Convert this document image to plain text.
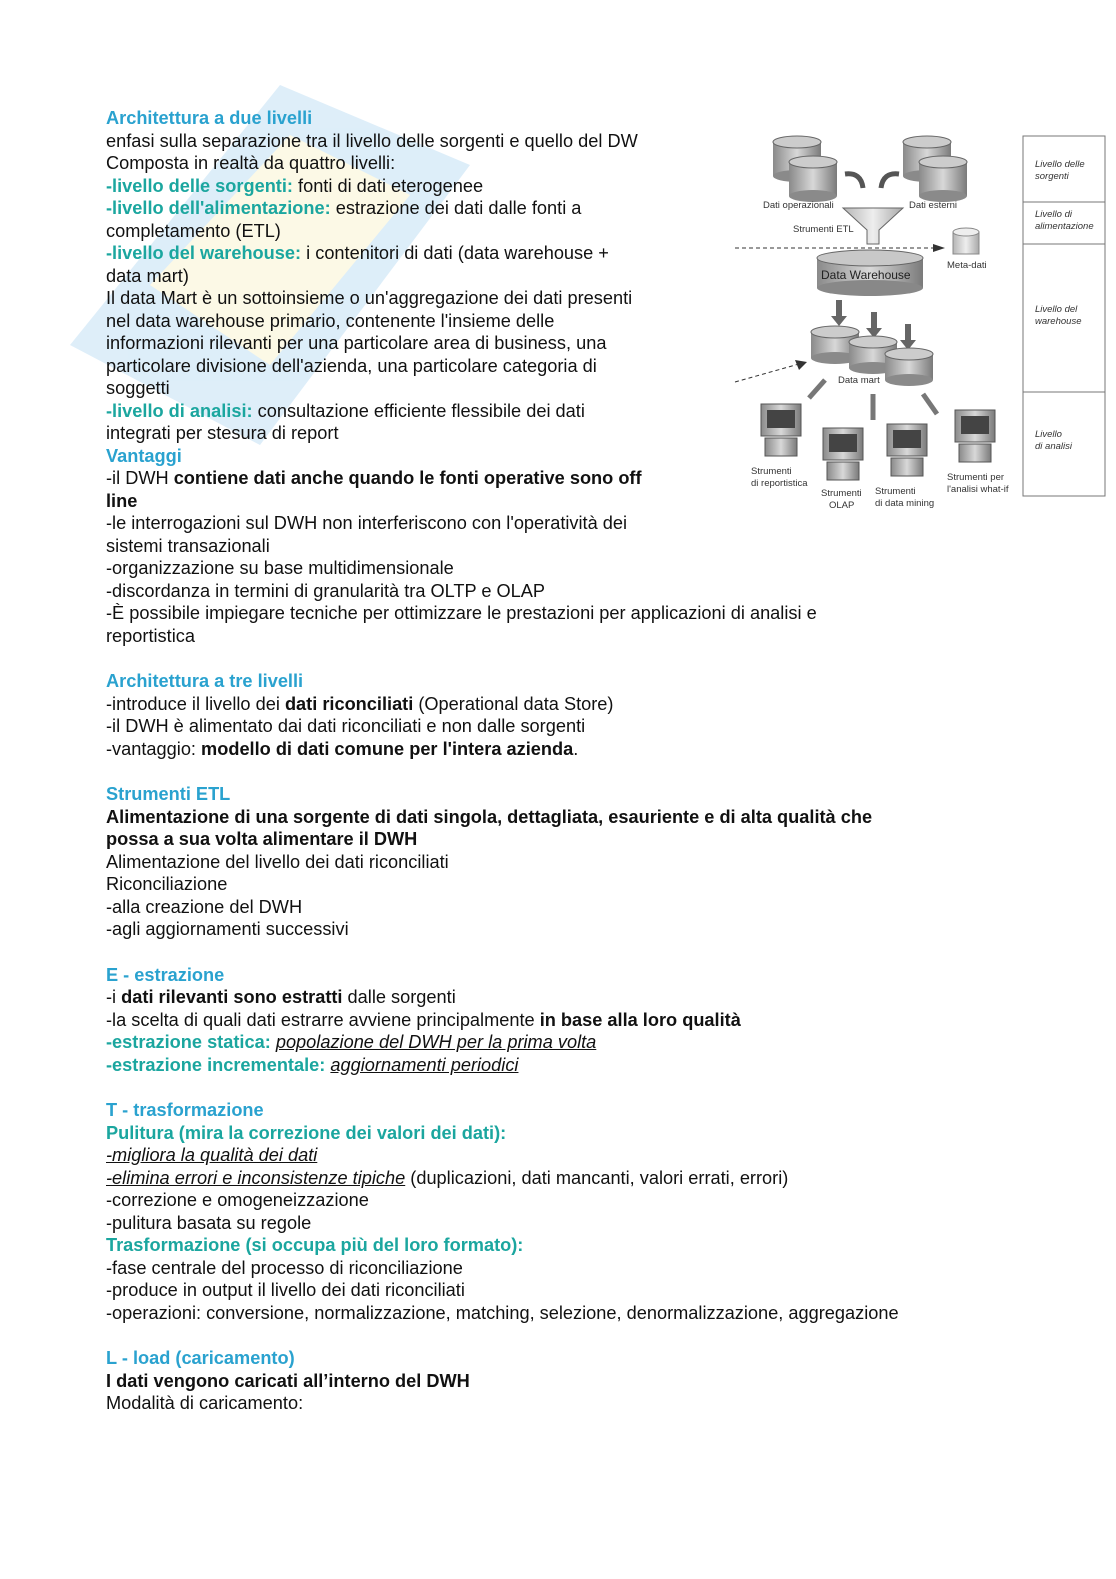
Architettura a due livelli
enfasi sulla separazione tra il livello delle sorgenti e quello del DW
Composta in realtà da quattro livelli:
-livello delle sorgenti: fonti di dati eterogenee
-livello dell'alimentazione: estrazione dei dati dalle fonti a
completamento (ETL)
-livello del warehouse: i contenitori di dati (data warehouse +
data mart)
Il data Mart è un sottoinsieme o un'aggregazione dei dati presenti
nel data warehouse primario, contenente l'insieme delle
informazioni rilevanti per una particolare area di business, una
particolare divisione dell'azienda, una particolare categoria di
soggetti
-livello di analisi: consultazione efficiente flessibile dei dati
integrati per stesura di report
Vantaggi
-il DWH contiene dati anche quando le fonti operative sono off
line
-le interrogazioni sul DWH non interferiscono con l'operatività dei
sistemi transazionali
-organizzazione su base multidimensionale
-discordanza in termini di granularità tra OLTP e OLAP
-È possibile impiegare tecniche per ottimizzare le prestazioni per applicazioni di analisi e
reportistica
Architettura a tre livelli
-introduce il livello dei dati riconciliati (Operational data Store)
-il DWH è alimentato dai dati riconciliati e non dalle sorgenti
-vantaggio: modello di dati comune per l'intera azienda.
Strumenti ETL
Alimentazione di una sorgente di dati singola, dettagliata, esauriente e di alta qualità che
possa a sua volta alimentare il DWH
Alimentazione del livello dei dati riconciliati
Riconciliazione
-alla creazione del DWH
-agli aggiornamenti successivi
E - estrazione
-i dati rilevanti sono estratti dalle sorgenti
-la scelta di quali dati estrarre avviene principalmente in base alla loro qualità
-estrazione statica: popolazione del DWH per la prima volta
-estrazione incrementale: aggiornamenti periodici
T - trasformazione
Pulitura (mira la correzione dei valori dei dati):
-migliora la qualità dei dati
-elimina errori e inconsistenze tipiche (duplicazioni, dati mancanti, valori errati, errori)
-correzione e omogeneizzazione
-pulitura basata su regole
Trasformazione (si occupa più del loro formato):
-fase centrale del processo di riconciliazione
-produce in output il livello dei dati riconciliati
-operazioni: conversione, normalizzazione, matching, selezione, denormalizzazione, aggregazione
L - load (caricamento)
I dati vengono caricati all’interno del DWH
Modalità di caricamento:
Livello delle
sorgenti
Livello di
alimentazione
Livello del
warehouse
Livello
di analisi
Dati operazionali	Dati esterni
Strumenti ETL
Data Warehouse
Meta-dati
Data mart
Strumenti
di reportistica
Strumenti
OLAP
Strumenti
di data mining
Strumenti per
l'analisi what-if
